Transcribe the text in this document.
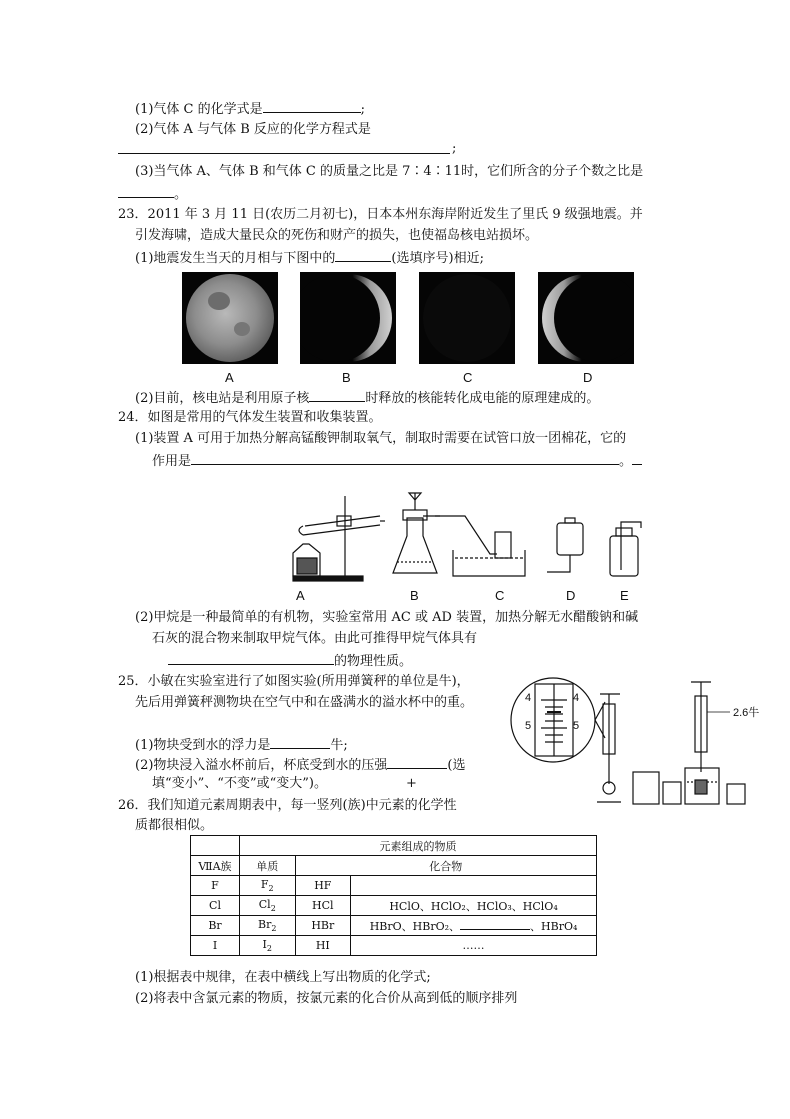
(1)气体 C 的化学式是	;
(2)气体 A 与气体 B 反应的化学方程式是
;
(3)当气体 A、气体 B 和气体 C 的质量之比是 7∶4∶11时，它们所含的分子个数之比是
。
23．2011 年 3 月 11 日(农历二月初七)，日本本州东海岸附近发生了里氏 9 级强地震。并
引发海啸，造成大量民众的死伤和财产的损失，也使福岛核电站损坏。
(1)地震发生当天的月相与下图中的	(选填序号)相近;
A	B	C	D
(2)目前，核电站是利用原子核	时释放的核能转化成电能的原理建成的。
24．如图是常用的气体发生装置和收集装置。
(1)装置 A 可用于加热分解高锰酸钾制取氧气，制取时需要在试管口放一团棉花，它的
作用是	。
A	B	C	D	E
(2)甲烷是一种最简单的有机物，实验室常用 AC 或 AD 装置，加热分解无水醋酸钠和碱
石灰的混合物来制取甲烷气体。由此可推得甲烷气体具有
的物理性质。
25．小敏在实验室进行了如图实验(所用弹簧秤的单位是牛)，
先后用弹簧秤测物块在空气中和在盛满水的溢水杯中的重。
(1)物块受到水的浮力是	牛;
(2)物块浸入溢水杯前后，杯底受到水的压强	(选
填“变小”、“不变”或“变大”)。	+
4	4
5	5
2.6牛
26．我们知道元素周期表中，每一竖列(族)中元素的化学性
质都很相似。
	元素组成的物质		
ⅦA族	单质	化合物	
F	$F_2$	HF	
Cl	$Cl_2$	HCl	HClO、HClO₂、HClO₃、HClO₄
Br	$Br_2$	HBr	HBrO、HBrO₂、 、HBrO₄
I	$I_2$	HI	……
(1)根据表中规律，在表中横线上写出物质的化学式;
(2)将表中含氯元素的物质，按氯元素的化合价从高到低的顺序排列
